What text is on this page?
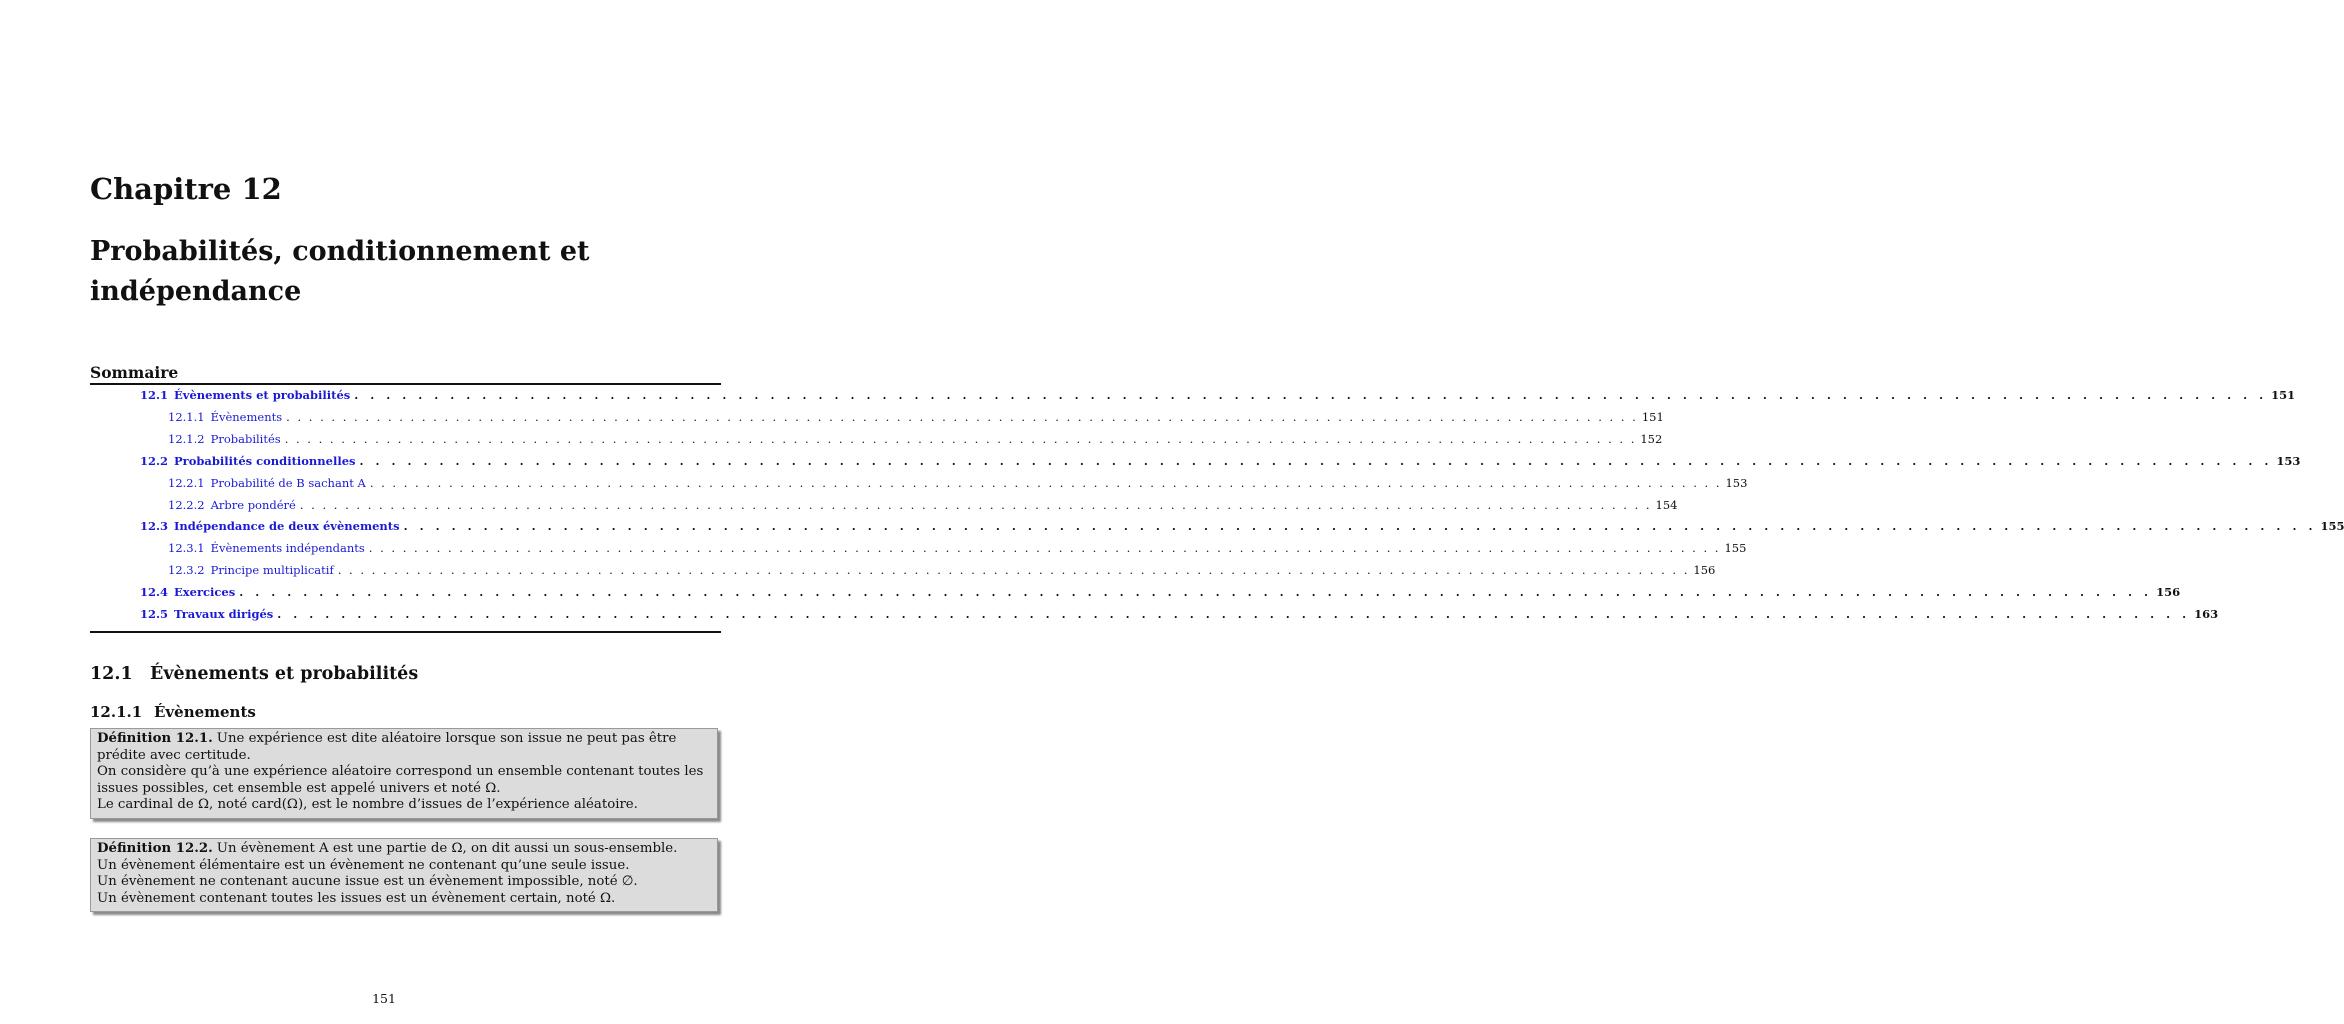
Chapitre 12
Probabilités, conditionnement et indépendance
Sommaire
12.1 Évènements et probabilités . . . . . . . . . . . . . . . . . . . . . . . . . . . . . . . . . . . . . . . . . . . . . . . . . . . . . . . . . . . . . . . . . . . . . . . . . . . . . . . . . . . . . . . . . . . . . . . . . . . . . . . . . . . . . . . . . . . . . . . . 151
12.1.1 Évènements . . . . . . . . . . . . . . . . . . . . . . . . . . . . . . . . . . . . . . . . . . . . . . . . . . . . . . . . . . . . . . . . . . . . . . . . . . . . . . . . . . . . . . . . . . . . . . . . . . . . . . . . . . . . . . . . . . . . . . . . 151
12.1.2 Probabilités . . . . . . . . . . . . . . . . . . . . . . . . . . . . . . . . . . . . . . . . . . . . . . . . . . . . . . . . . . . . . . . . . . . . . . . . . . . . . . . . . . . . . . . . . . . . . . . . . . . . . . . . . . . . . . . . . . . . . . . . 152
12.2 Probabilités conditionnelles . . . . . . . . . . . . . . . . . . . . . . . . . . . . . . . . . . . . . . . . . . . . . . . . . . . . . . . . . . . . . . . . . . . . . . . . . . . . . . . . . . . . . . . . . . . . . . . . . . . . . . . . . . . . . . . . . . . . . . . . 153
12.2.1 Probabilité de B sachant A . . . . . . . . . . . . . . . . . . . . . . . . . . . . . . . . . . . . . . . . . . . . . . . . . . . . . . . . . . . . . . . . . . . . . . . . . . . . . . . . . . . . . . . . . . . . . . . . . . . . . . . . . . . . . . . . . . . . . . . . 153
12.2.2 Arbre pondéré . . . . . . . . . . . . . . . . . . . . . . . . . . . . . . . . . . . . . . . . . . . . . . . . . . . . . . . . . . . . . . . . . . . . . . . . . . . . . . . . . . . . . . . . . . . . . . . . . . . . . . . . . . . . . . . . . . . . . . . . 154
12.3 Indépendance de deux évènements . . . . . . . . . . . . . . . . . . . . . . . . . . . . . . . . . . . . . . . . . . . . . . . . . . . . . . . . . . . . . . . . . . . . . . . . . . . . . . . . . . . . . . . . . . . . . . . . . . . . . . . . . . . . . . . . . . . . . . . . 155
12.3.1 Évènements indépendants . . . . . . . . . . . . . . . . . . . . . . . . . . . . . . . . . . . . . . . . . . . . . . . . . . . . . . . . . . . . . . . . . . . . . . . . . . . . . . . . . . . . . . . . . . . . . . . . . . . . . . . . . . . . . . . . . . . . . . . . 155
12.3.2 Principe multiplicatif . . . . . . . . . . . . . . . . . . . . . . . . . . . . . . . . . . . . . . . . . . . . . . . . . . . . . . . . . . . . . . . . . . . . . . . . . . . . . . . . . . . . . . . . . . . . . . . . . . . . . . . . . . . . . . . . . . . . . . . . 156
12.4 Exercices . . . . . . . . . . . . . . . . . . . . . . . . . . . . . . . . . . . . . . . . . . . . . . . . . . . . . . . . . . . . . . . . . . . . . . . . . . . . . . . . . . . . . . . . . . . . . . . . . . . . . . . . . . . . . . . . . . . . . . . . 156
12.5 Travaux dirigés . . . . . . . . . . . . . . . . . . . . . . . . . . . . . . . . . . . . . . . . . . . . . . . . . . . . . . . . . . . . . . . . . . . . . . . . . . . . . . . . . . . . . . . . . . . . . . . . . . . . . . . . . . . . . . . . . . . . . . . . 163
12.1 Évènements et probabilités
12.1.1 Évènements

Définition 12.1. Une expérience est dite aléatoire lorsque son issue ne peut pas être prédite avec certitude.

On considère qu’à une expérience aléatoire correspond un ensemble contenant toutes les issues possibles, cet ensemble est appelé univers et noté Ω.

Le cardinal de Ω, noté card(Ω), est le nombre d’issues de l’expérience aléatoire.

Définition 12.2. Un évènement A est une partie de Ω, on dit aussi un sous-ensemble.

Un évènement élémentaire est un évènement ne contenant qu’une seule issue.

Un évènement ne contenant aucune issue est un évènement impossible, noté ∅.

Un évènement contenant toutes les issues est un évènement certain, noté Ω.

151
